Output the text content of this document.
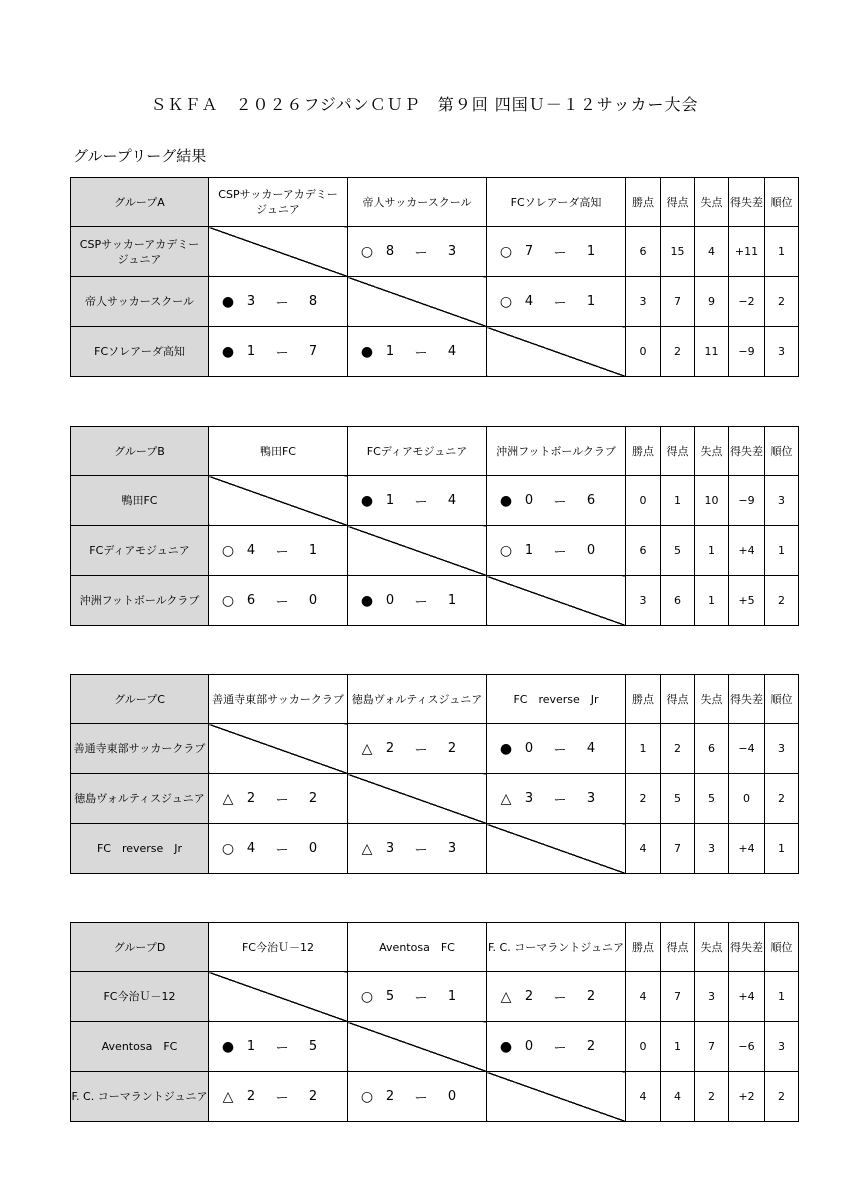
ＳＫＦＡ　２０２６フジパンＣＵＰ　第９回 四国Ｕ－１２サッカー大会
グループリーグ結果
グループA	CSPサッカーアカデミー
ジュニア	帝人サッカースクール	FCソレアーダ高知	勝点	得点	失点	得失差	順位
CSPサッカーアカデミー
ジュニア		○ 8 ー 3	○ 7 ー 1	6	15	4	+11	1
帝人サッカースクール	● 3 ー 8		○ 4 ー 1	3	7	9	−2	2
FCソレアーダ高知	● 1 ー 7	● 1 ー 4		0	2	11	−9	3
グループB	鴨田FC	FCディアモジュニア	沖洲フットボールクラブ	勝点	得点	失点	得失差	順位
鴨田FC		● 1 ー 4	● 0 ー 6	0	1	10	−9	3
FCディアモジュニア	○ 4 ー 1		○ 1 ー 0	6	5	1	+4	1
沖洲フットボールクラブ	○ 6 ー 0	● 0 ー 1		3	6	1	+5	2
グループC	善通寺東部サッカークラブ	徳島ヴォルティスジュニア	FC　reverse　Jr	勝点	得点	失点	得失差	順位
善通寺東部サッカークラブ		△ 2 ー 2	● 0 ー 4	1	2	6	−4	3
徳島ヴォルティスジュニア	△ 2 ー 2		△ 3 ー 3	2	5	5	0	2
FC　reverse　Jr	○ 4 ー 0	△ 3 ー 3		4	7	3	+4	1
グループD	FC今治Ｕ－12	Aventosa　FC	F. C. コーマラントジュニア	勝点	得点	失点	得失差	順位
FC今治Ｕ－12		○ 5 ー 1	△ 2 ー 2	4	7	3	+4	1
Aventosa　FC	● 1 ー 5		● 0 ー 2	0	1	7	−6	3
F. C. コーマラントジュニア	△ 2 ー 2	○ 2 ー 0		4	4	2	+2	2
